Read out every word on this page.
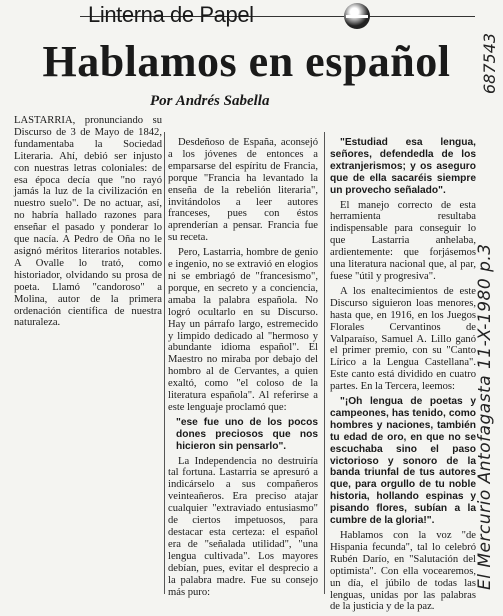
Linterna de Papel
Hablamos en español
Por Andrés Sabella

LASTARRIA, pronunciando su Discurso de 3 de Mayo de 1842, fundamentaba la Sociedad Literaria. Ahí, debió ser injusto con nuestras letras coloniales: de esa época decía que "no rayó jamás la luz de la civilización en nuestro suelo". De no actuar, así, no habría hallado razones para enseñar el pasado y ponderar lo que nacía. A Pedro de Oña no le asignó méritos literarios notables. A Ovalle lo trató, como historiador, olvidando su prosa de poeta. Llamó "candoroso" a Molina, autor de la primera ordenación científica de nuestra naturaleza.

Desdeñoso de España, aconsejó a los jóvenes de entonces a emparsarse del espíritu de Francia, porque "Francia ha levantado la enseña de la rebelión literaria", invitándolos a leer autores franceses, pues con éstos aprenderían a pensar. Francia fue su receta.

Pero, Lastarria, hombre de genio e ingenio, no se extravió en elogios ni se embriagó de "francesismo", porque, en secreto y a conciencia, amaba la palabra española. No logró ocultarlo en su Discurso. Hay un párrafo largo, estremecido y limpido dedicado al "hermoso y abundante idioma español". El Maestro no miraba por debajo del hombro al de Cervantes, a quien exaltó, como "el coloso de la literatura española". Al referirse a este lenguaje proclamó que:

"ese fue uno de los pocos dones preciosos que nos hicieron sin pensarlo".

La Independencia no destruiría tal fortuna. Lastarria se apresuró a indicárselo a sus compañeros veinteañeros. Era preciso atajar cualquier "extraviado entusiasmo" de ciertos impetuosos, para destacar esta certeza: el español era de "señalada utilidad", "una lengua cultivada". Los mayores debían, pues, evitar el desprecio a la palabra madre. Fue su consejo más puro:

"Estudiad esa lengua, señores, defendedla de los extranjerismos; y os aseguro que de ella sacaréis siempre un provecho señalado".

El manejo correcto de esta herramienta resultaba indispensable para conseguir lo que Lastarria anhelaba, ardientemente: que forjásemos una literatura nacional que, al par, fuese "útil y progresiva".

A los enaltecimientos de este Discurso siguieron loas menores, hasta que, en 1916, en los Juegos Florales Cervantinos de Valparaíso, Samuel A. Lillo ganó el primer premio, con su "Canto Lírico a la Lengua Castellana". Este canto está dividido en cuatro partes. En la Tercera, leemos:

"¡Oh lengua de poetas y campeones, has tenido, como hombres y naciones, también tu edad de oro, en que no se escuchaba sino el paso victorioso y sonoro de la banda triunfal de tus autores que, para orgullo de tu noble historia, hollando espinas y pisando flores, subían a la cumbre de la gloria!".

Hablamos con la voz "de Hispania fecunda", tal lo celebró Rubén Darío, en "Salutación del optimista". Con ella vocearemos, un día, el júbilo de todas las lenguas, unidas por las palabras de la justicia y de la paz.

El Mercurio Antofagasta 11-X-1980 p.3
687543
